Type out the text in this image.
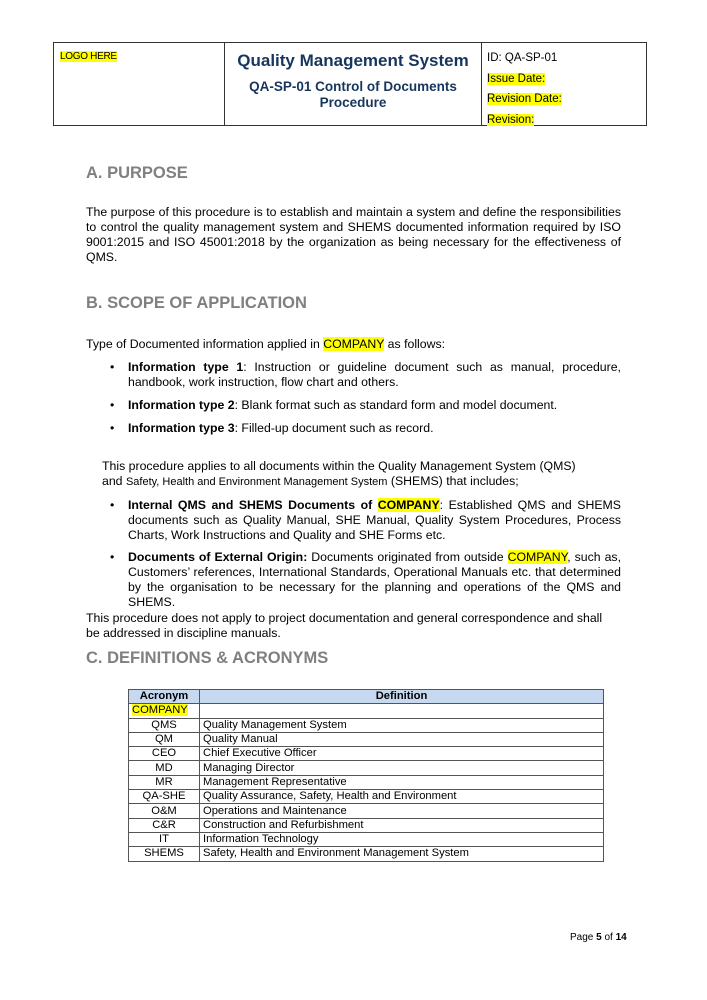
LOGO HERE	Quality Management System
QA-SP-01 Control of Documents Procedure
ID: QA-SP-01
Issue Date:
Revision Date:
Revision:
A. PURPOSE
The purpose of this procedure is to establish and maintain a system and define the responsibilities to control the quality management system and SHEMS documented information required by ISO 9001:2015 and ISO 45001:2018 by the organization as being necessary for the effectiveness of QMS.
B. SCOPE OF APPLICATION
Type of Documented information applied in COMPANY as follows:
• Information type 1: Instruction or guideline document such as manual, procedure, handbook, work instruction, flow chart and others.
• Information type 2: Blank format such as standard form and model document.
• Information type 3: Filled-up document such as record.
This procedure applies to all documents within the Quality Management System (QMS)
and Safety, Health and Environment Management System (SHEMS) that includes;
• Internal QMS and SHEMS Documents of COMPANY: Established QMS and SHEMS documents such as Quality Manual, SHE Manual, Quality System Procedures, Process Charts, Work Instructions and Quality and SHE Forms etc.
• Documents of External Origin: Documents originated from outside COMPANY, such as, Customers’ references, International Standards, Operational Manuals etc. that determined by the organisation to be necessary for the planning and operations of the QMS and SHEMS.
This procedure does not apply to project documentation and general correspondence and shall be addressed in discipline manuals.
C. DEFINITIONS & ACRONYMS
Acronym	Definition
COMPANY	
QMS	Quality Management System
QM	Quality Manual
CEO	Chief Executive Officer
MD	Managing Director
MR	Management Representative
QA-SHE	Quality Assurance, Safety, Health and Environment
O&M	Operations and Maintenance
C&R	Construction and Refurbishment
IT	Information Technology
SHEMS	Safety, Health and Environment Management System
Page 5 of 14
